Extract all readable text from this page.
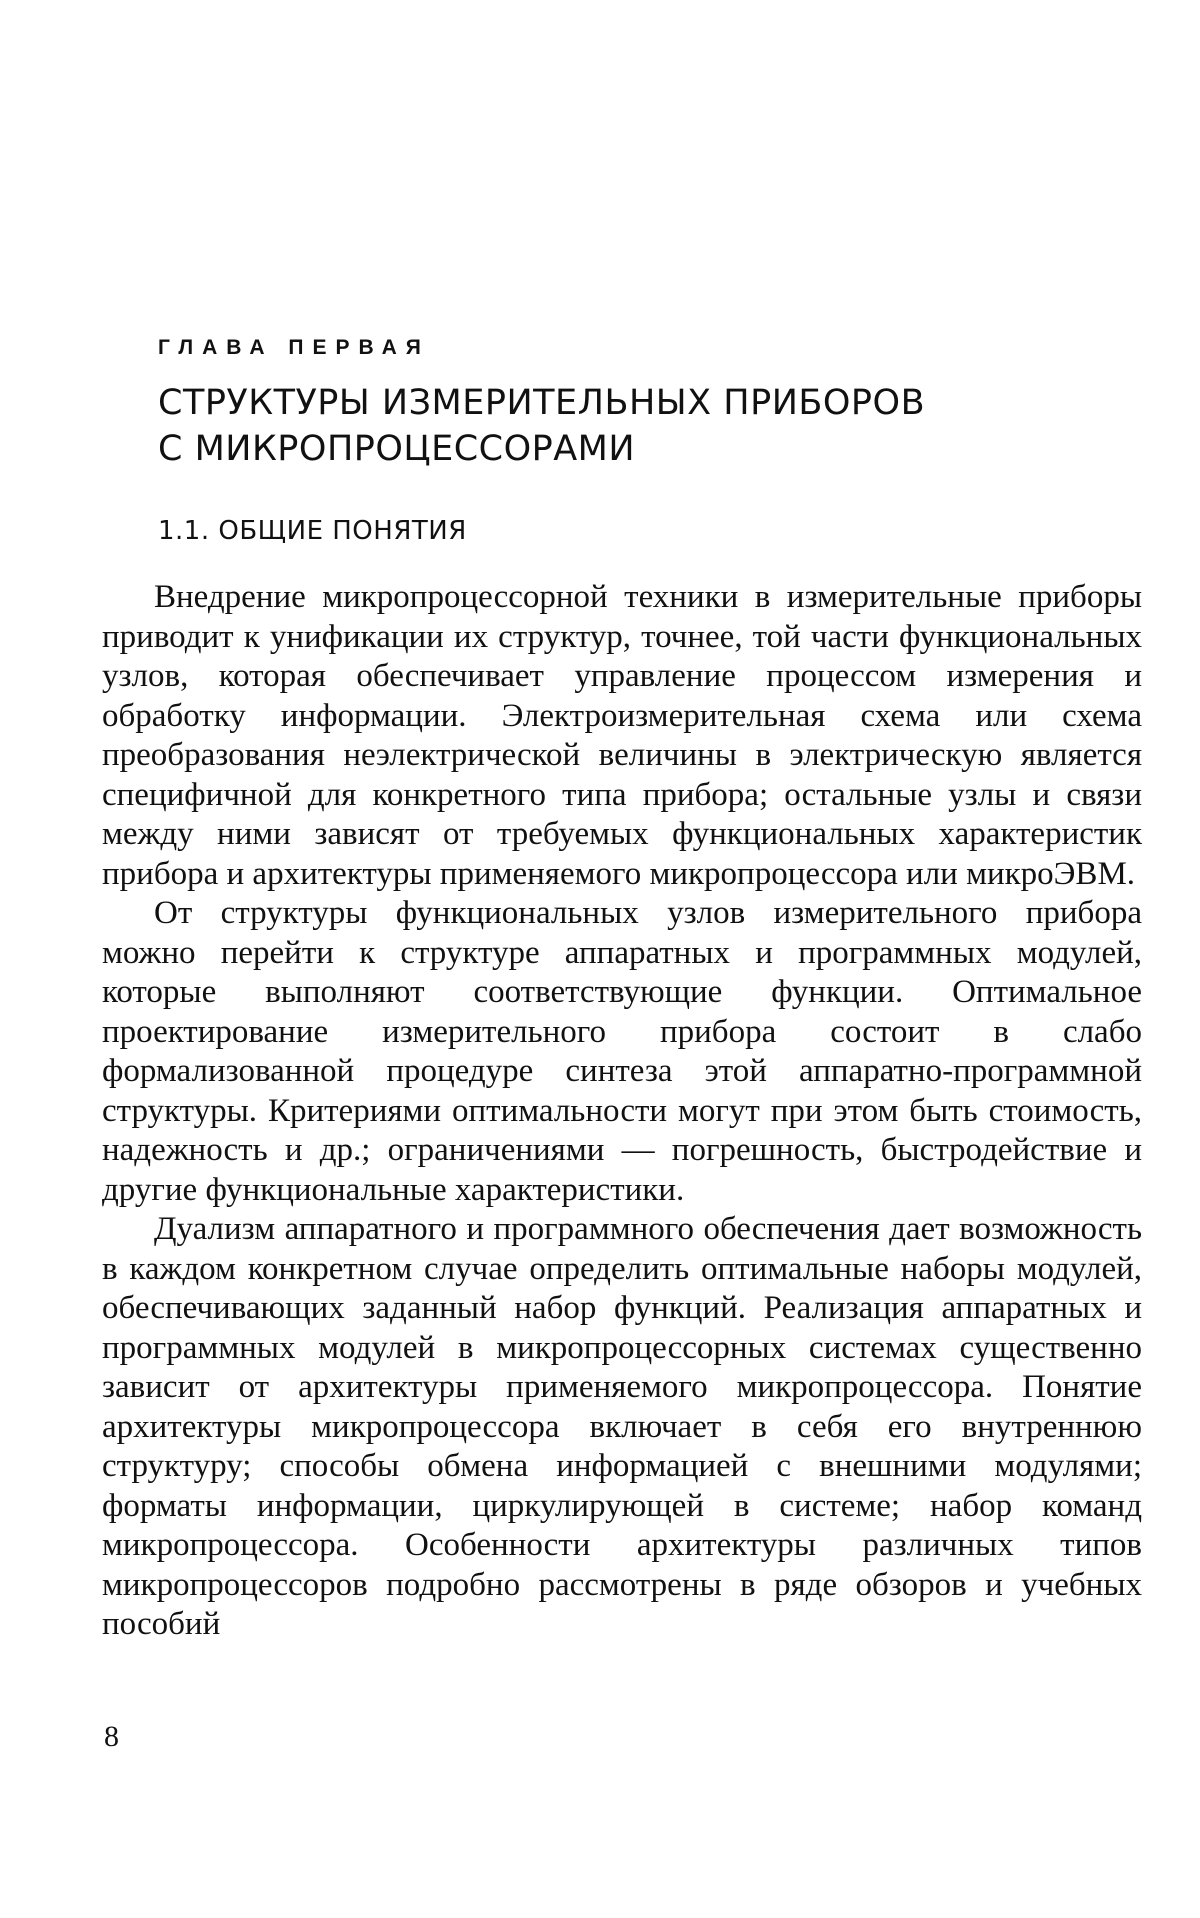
ГЛАВА ПЕРВАЯ
СТРУКТУРЫ ИЗМЕРИТЕЛЬНЫХ ПРИБОРОВ
С МИКРОПРОЦЕССОРАМИ
1.1. ОБЩИЕ ПОНЯТИЯ

Внедрение микропроцессорной техники в измерительные приборы приводит к унификации их структур, точнее, той части функциональных узлов, которая обеспечивает управление процессом измерения и обработку информации. Электроизмерительная схема или схема преобразования неэлектрической величины в электрическую является специфичной для конкретного типа прибора; остальные узлы и связи между ними зависят от требуемых функциональных характеристик прибора и архитектуры применяемого микропроцессора или микроЭВМ.

От структуры функциональных узлов измерительного прибора можно перейти к структуре аппаратных и программных модулей, которые выполняют соответствующие функции. Оптимальное проектирование измерительного прибора состоит в слабо формализованной процедуре синтеза этой аппаратно-программной структуры. Критериями оптимальности могут при этом быть стоимость, надежность и др.; ограничениями — погрешность, быстродействие и другие функциональные характеристики.

Дуализм аппаратного и программного обеспечения дает возможность в каждом конкретном случае определить оптимальные наборы модулей, обеспечивающих заданный набор функций. Реализация аппаратных и программных модулей в микропроцессорных системах существенно зависит от архитектуры применяемого микропроцессора. Понятие архитектуры микропроцессора включает в себя его внутреннюю структуру; способы обмена информацией с внешними модулями; форматы информации, циркулирующей в системе; набор команд микропроцессора. Особенности архитектуры различных типов микропроцессоров подробно рассмотрены в ряде обзоров и учебных пособий

8
